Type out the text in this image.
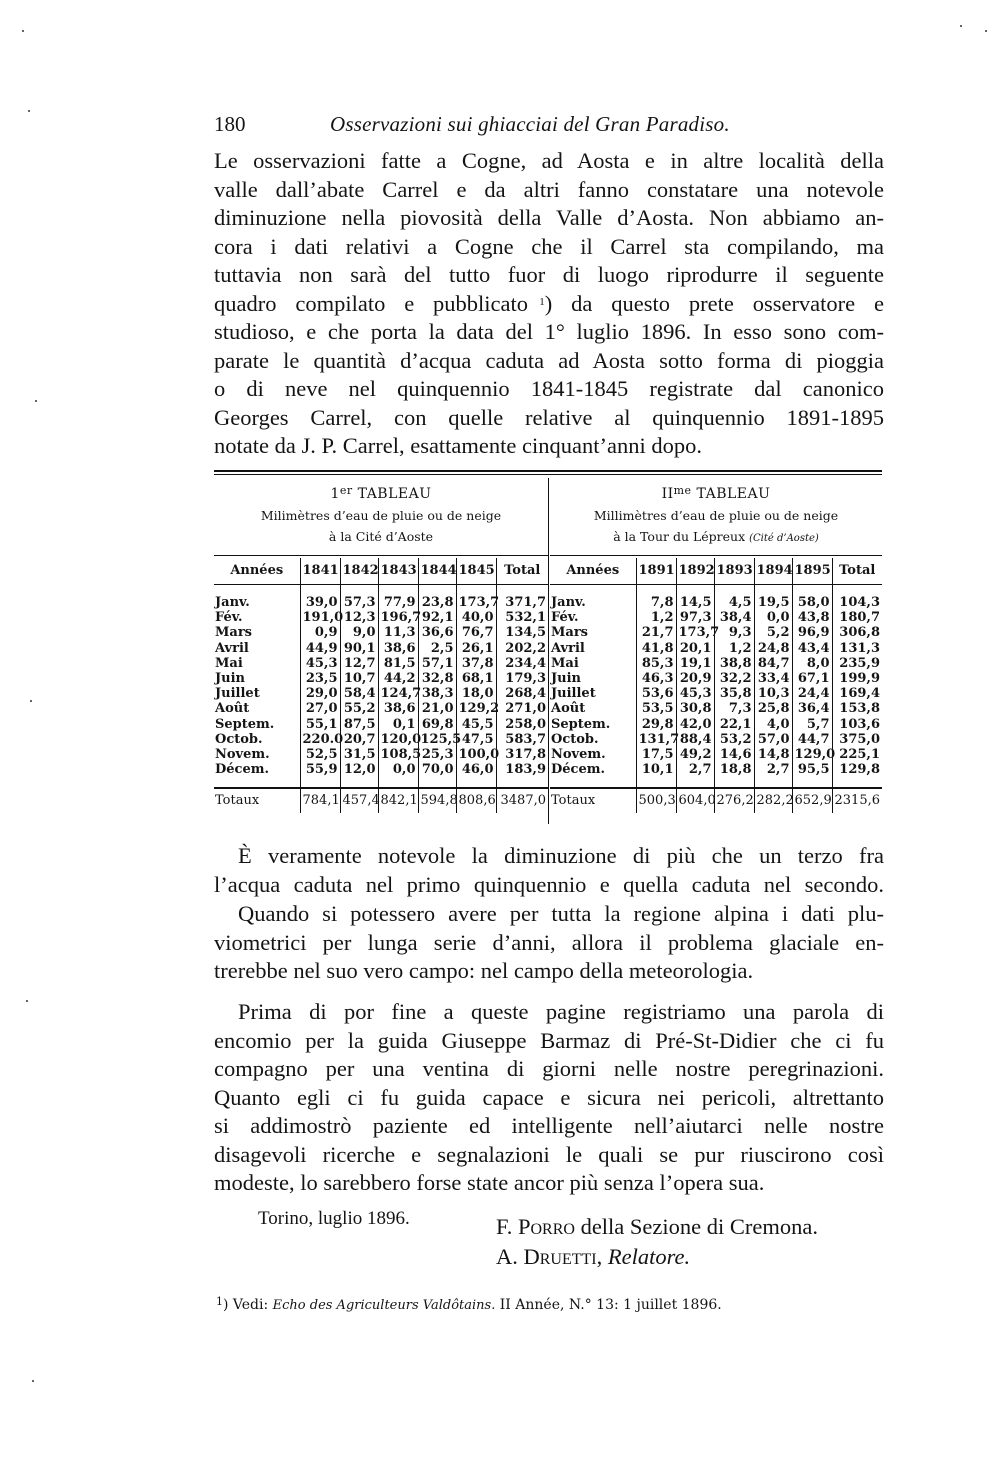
180	Osservazioni sui ghiacciai del Gran Paradiso.
Le osservazioni fatte a Cogne, ad Aosta e in altre località della
valle dall’abate Carrel e da altri fanno constatare una notevole
diminuzione nella piovosità della Valle d’Aosta. Non abbiamo an-
cora i dati relativi a Cogne che il Carrel sta compilando, ma
tuttavia non sarà del tutto fuor di luogo riprodurre il seguente
quadro compilato e pubblicato  $^1$) da questo prete osservatore e
studioso, e che porta la data del 1° luglio 1896. In esso sono com-
parate le quantità d’acqua caduta ad Aosta sotto forma di pioggia
o di neve nel quinquennio 1841-1845 registrate dal canonico
Georges Carrel, con quelle relative al quinquennio 1891-1895
notate da J. P. Carrel, esattamente cinquant’anni dopo.
1er TABLEAU
Milimètres d’eau de pluie ou de neige
à la Cité d’Aoste
Années	1841	1842	1843	1844	1845	Total

Janv.	39,0	57,3	77,9	23,8	173,7	371,7
Fév.	191,0	12,3	196,7	92,1	40,0	532,1
Mars	0,9	9,0	11,3	36,6	76,7	134,5
Avril	44,9	90,1	38,6	2,5	26,1	202,2
Mai	45,3	12,7	81,5	57,1	37,8	234,4
Juin	23,5	10,7	44,2	32,8	68,1	179,3
Juillet	29,0	58,4	124,7	38,3	18,0	268,4
Août	27,0	55,2	38,6	21,0	129,2	271,0
Septem.	55,1	87,5	0,1	69,8	45,5	258,0
Octob.	220.0	20,7	120,0	125,5	47,5	583,7
Novem.	52,5	31,5	108,5	25,3	100,0	317,8
Décem.	55,9	12,0	0,0	70,0	46,0	183,9

Totaux	784,1	457,4	842,1	594,8	808,6	3487,0
$II^{me}$ TABLEAU
Millimètres d’eau de pluie ou de neige
à la Tour du Lépreux (Cité d’Aoste)
Années	1891	1892	1893	1894	1895	Total

Janv.	7,8	14,5	4,5	19,5	58,0	104,3
Fév.	1,2	97,3	38,4	0,0	43,8	180,7
Mars	21,7	173,7	9,3	5,2	96,9	306,8
Avril	41,8	20,1	1,2	24,8	43,4	131,3
Mai	85,3	19,1	38,8	84,7	8,0	235,9
Juin	46,3	20,9	32,2	33,4	67,1	199,9
Juillet	53,6	45,3	35,8	10,3	24,4	169,4
Août	53,5	30,8	7,3	25,8	36,4	153,8
Septem.	29,8	42,0	22,1	4,0	5,7	103,6
Octob.	131,7	88,4	53,2	57,0	44,7	375,0
Novem.	17,5	49,2	14,6	14,8	129,0	225,1
Décem.	10,1	2,7	18,8	2,7	95,5	129,8

Totaux	500,3	604,0	276,2	282,2	652,9	2315,6
È veramente notevole la diminuzione di più che un terzo fra
l’acqua caduta nel primo quinquennio e quella caduta nel secondo.
Quando si potessero avere per tutta la regione alpina i dati plu-
viometrici per lunga serie d’anni, allora il problema glaciale en-
trerebbe nel suo vero campo: nel campo della meteorologia.
Prima di por fine a queste pagine registriamo una parola di
encomio per la guida Giuseppe Barmaz di Pré-St-Didier che ci fu
compagno per una ventina di giorni nelle nostre peregrinazioni.
Quanto egli ci fu guida capace e sicura nei pericoli, altrettanto
si addimostrò paziente ed intelligente nell’aiutarci nelle nostre
disagevoli ricerche e segnalazioni le quali se pur riuscirono così
modeste, lo sarebbero forse state ancor più senza l’opera sua.
Torino, luglio 1896.	F. Porro della Sezione di Cremona.
A. Druetti, Relatore.
$^1$) Vedi: Echo des Agriculteurs Valdôtains. II Année, N.° 13: 1 juillet 1896.
